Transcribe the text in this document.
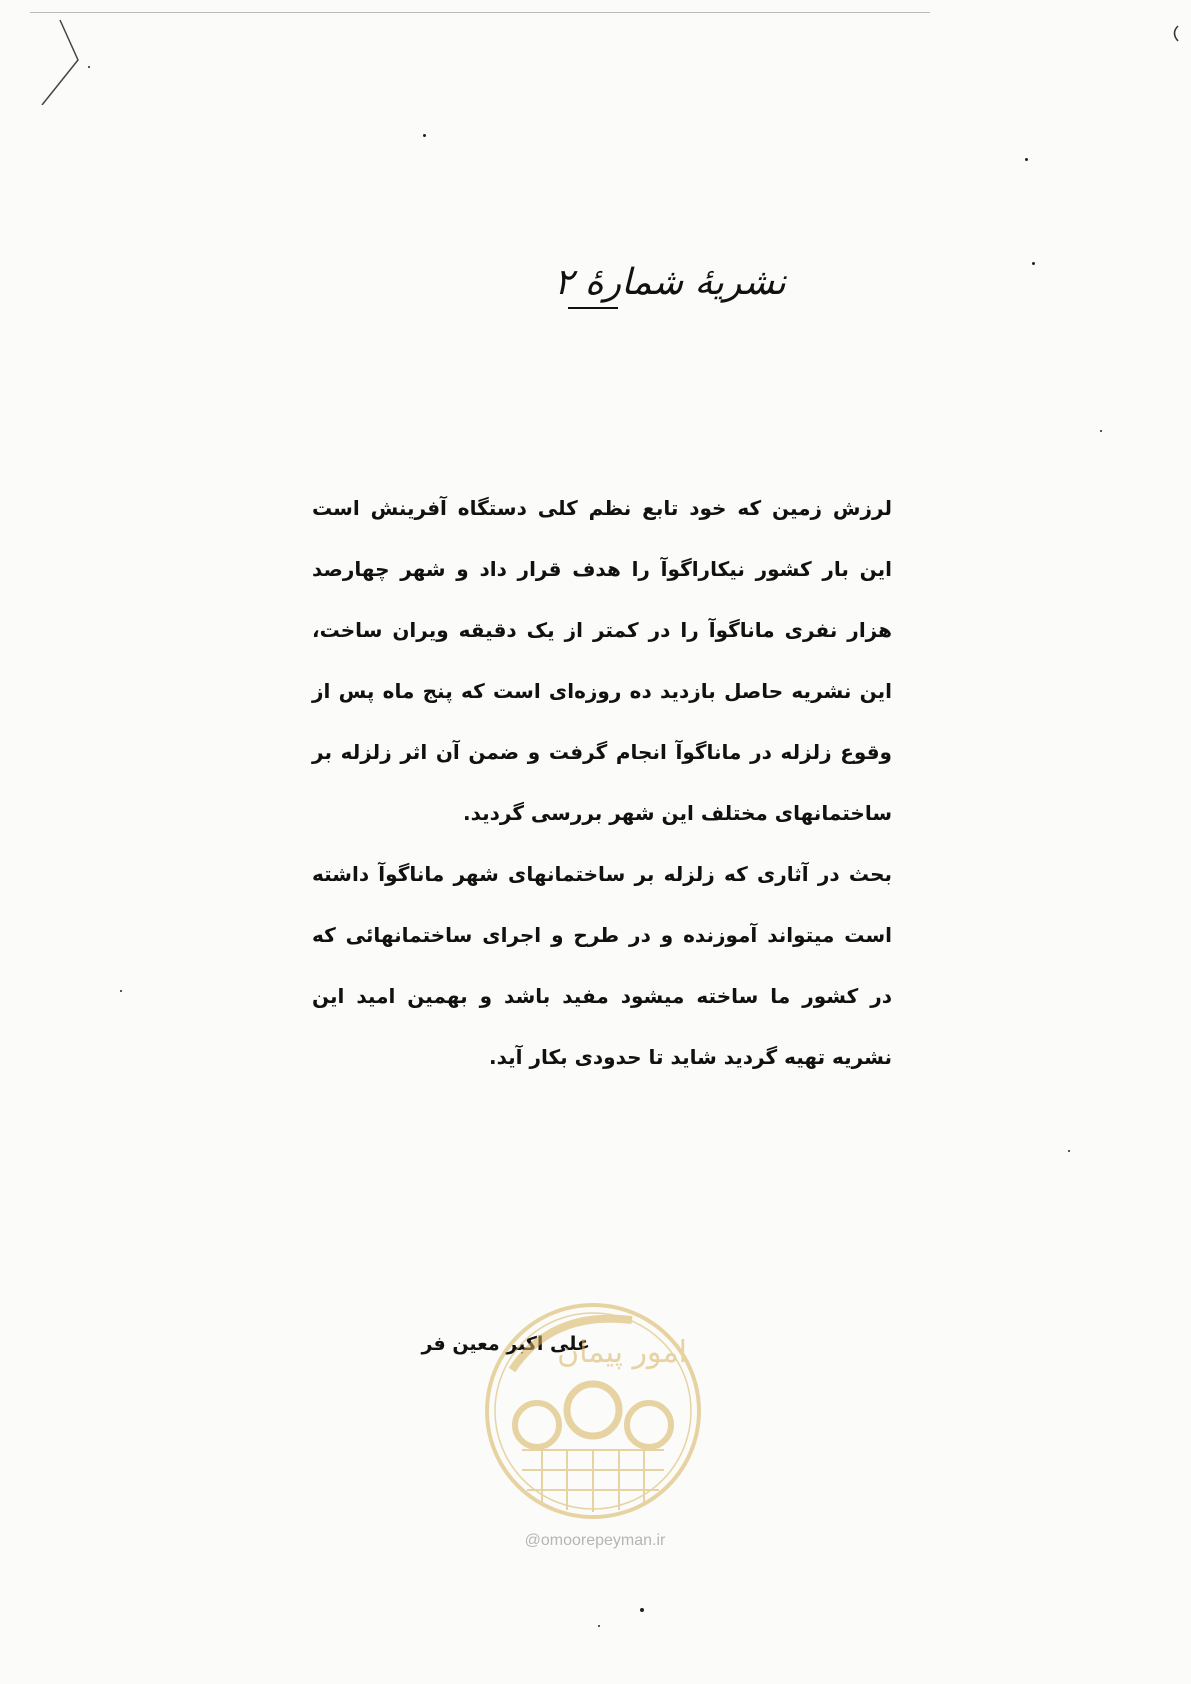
نشریهٔ شمارهٔ ۲

لرزش زمین که خود تابع نظم کلی دستگاه آفرینش است این بار کشور نیکاراگوآ را هدف قرار داد و شهر چهارصد هزار نفری ماناگوآ را در کمتر از یک دقیقه ویران ساخت، این نشریه حاصل بازدید ده روزه‌ای است که پنج ماه پس از وقوع زلزله در ماناگوآ انجام گرفت و ضمن آن اثر زلزله بر ساختمانهای مختلف این شهر بررسی گردید.

بحث در آثاری که زلزله بر ساختمانهای شهر ماناگوآ داشته است میتواند آموزنده و در طرح و اجرای ساختمانهائی که در کشور ما ساخته میشود مفید باشد و بهمین امید این نشریه تهیه گردید شاید تا حدودی بکار آید.

علی اکبر معین فر
امور پیمان
@omoorepeyman.ir
